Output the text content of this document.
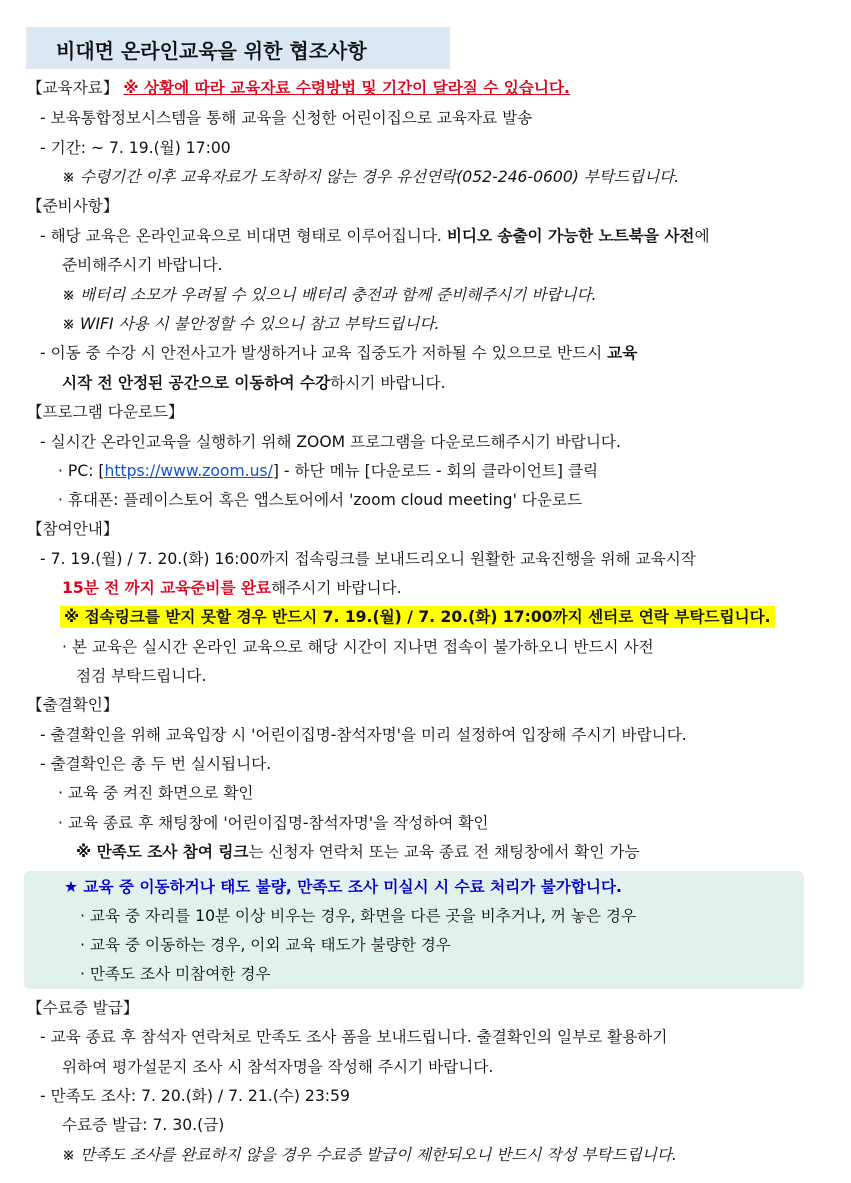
비대면 온라인교육을 위한 협조사항
【교육자료】 ※ 상황에 따라 교육자료 수령방법 및 기간이 달라질 수 있습니다.
- 보육통합정보시스템을 통해 교육을 신청한 어린이집으로 교육자료 발송
- 기간: ~ 7. 19.(월) 17:00
※ 수령기간 이후 교육자료가 도착하지 않는 경우 유선연락(052-246-0600) 부탁드립니다.
【준비사항】
- 해당 교육은 온라인교육으로 비대면 형태로 이루어집니다. 비디오 송출이 가능한 노트북을 사전에
준비해주시기 바랍니다.
※ 배터리 소모가 우려될 수 있으니 배터리 충전과 함께 준비해주시기 바랍니다.
※ WIFI 사용 시 불안정할 수 있으니 참고 부탁드립니다.
- 이동 중 수강 시 안전사고가 발생하거나 교육 집중도가 저하될 수 있으므로 반드시 교육
시작 전 안정된 공간으로 이동하여 수강하시기 바랍니다.
【프로그램 다운로드】
- 실시간 온라인교육을 실행하기 위해 ZOOM 프로그램을 다운로드해주시기 바랍니다.
· PC: [https://www.zoom.us/] - 하단 메뉴 [다운로드 - 회의 클라이언트] 클릭
· 휴대폰: 플레이스토어 혹은 앱스토어에서 'zoom cloud meeting' 다운로드
【참여안내】
- 7. 19.(월) / 7. 20.(화) 16:00까지 접속링크를 보내드리오니 원활한 교육진행을 위해 교육시작
15분 전 까지 교육준비를 완료해주시기 바랍니다.
※ 접속링크를 받지 못할 경우 반드시 7. 19.(월) / 7. 20.(화) 17:00까지 센터로 연락 부탁드립니다.
· 본 교육은 실시간 온라인 교육으로 해당 시간이 지나면 접속이 불가하오니 반드시 사전
점검 부탁드립니다.
【출결확인】
- 출결확인을 위해 교육입장 시 '어린이집명-참석자명'을 미리 설정하여 입장해 주시기 바랍니다.
- 출결확인은 총 두 번 실시됩니다.
· 교육 중 켜진 화면으로 확인
· 교육 종료 후 채팅창에 '어린이집명-참석자명'을 작성하여 확인
※ 만족도 조사 참여 링크는 신청자 연락처 또는 교육 종료 전 채팅창에서 확인 가능
★ 교육 중 이동하거나 태도 불량, 만족도 조사 미실시 시 수료 처리가 불가합니다.
· 교육 중 자리를 10분 이상 비우는 경우, 화면을 다른 곳을 비추거나, 꺼 놓은 경우
· 교육 중 이동하는 경우, 이외 교육 태도가 불량한 경우
· 만족도 조사 미참여한 경우
【수료증 발급】
- 교육 종료 후 참석자 연락처로 만족도 조사 폼을 보내드립니다. 출결확인의 일부로 활용하기
위하여 평가설문지 조사 시 참석자명을 작성해 주시기 바랍니다.
- 만족도 조사: 7. 20.(화) / 7. 21.(수) 23:59
수료증 발급: 7. 30.(금)
※ 만족도 조사를 완료하지 않을 경우 수료증 발급이 제한되오니 반드시 작성 부탁드립니다.
